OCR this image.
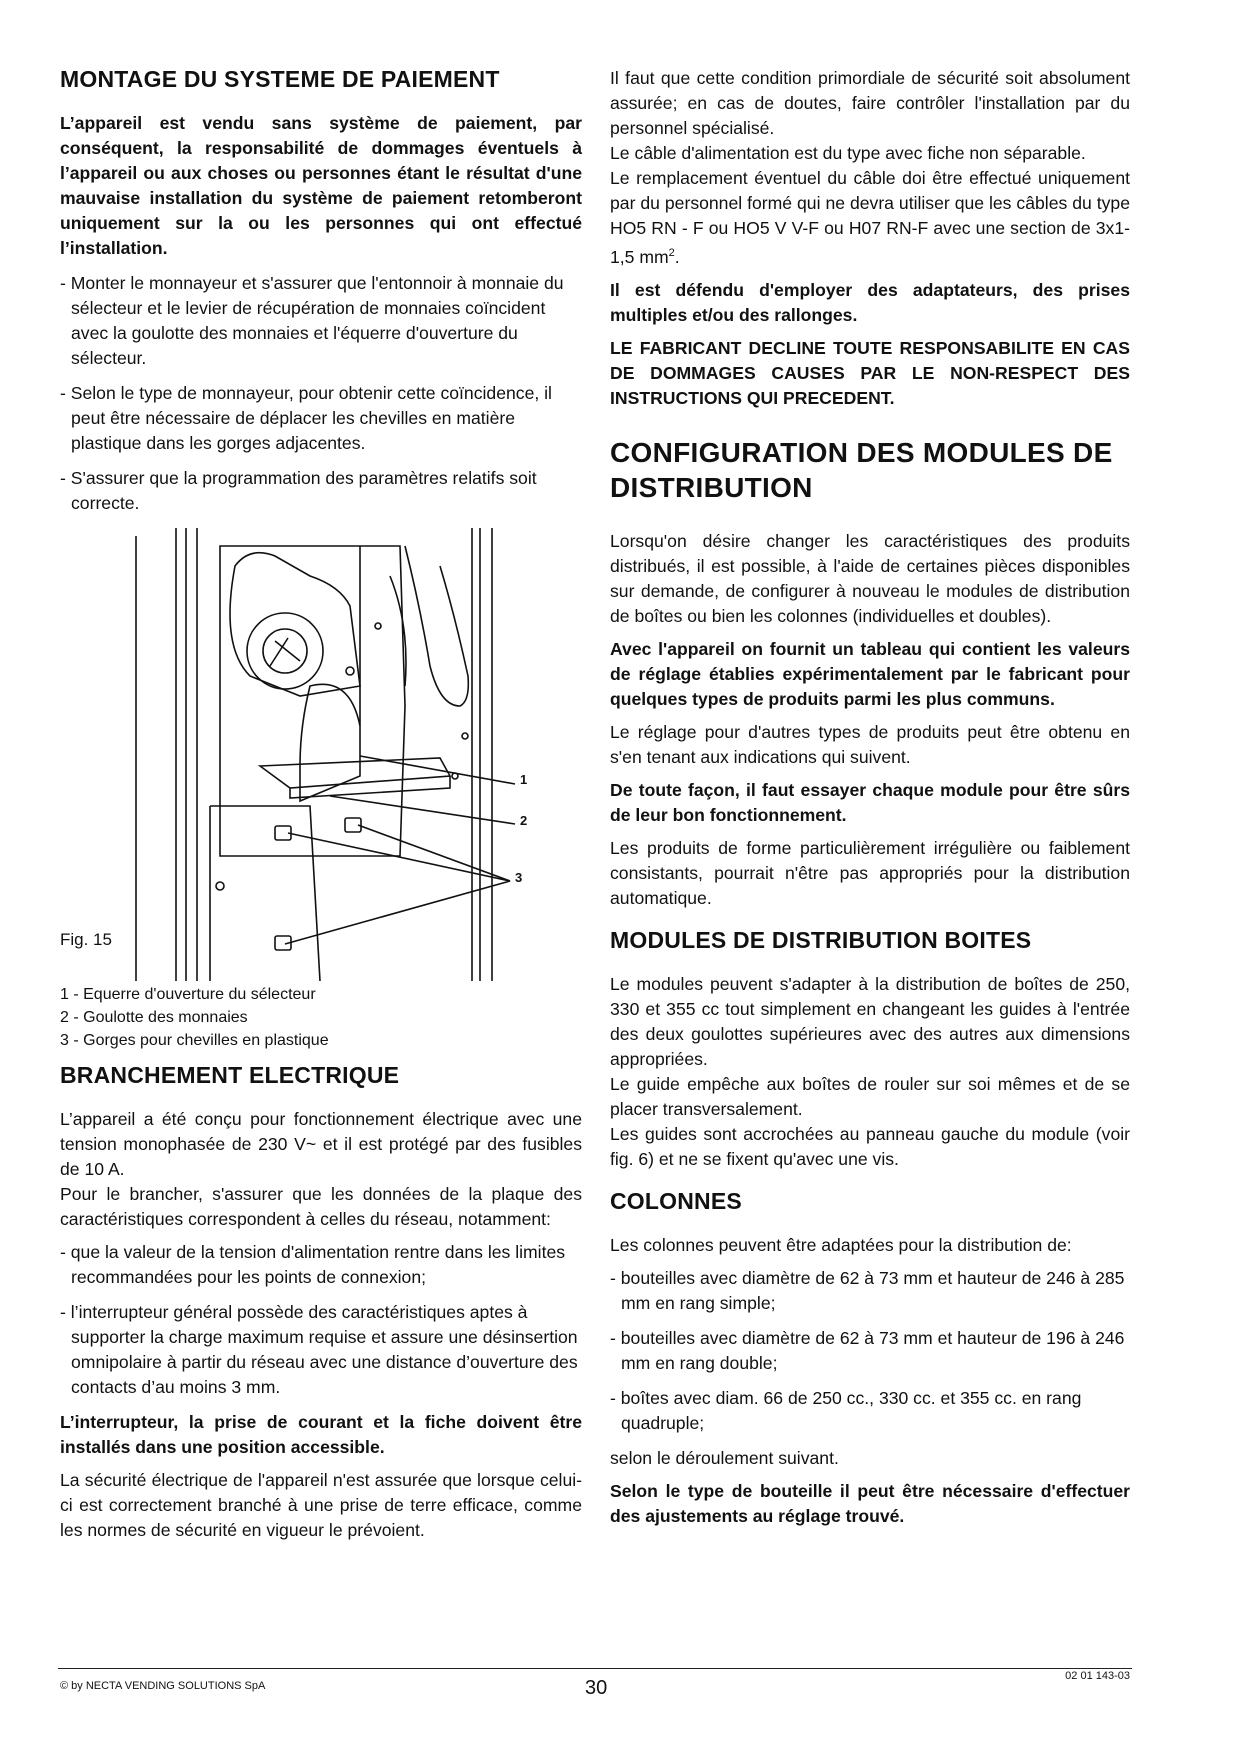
MONTAGE DU SYSTEME DE PAIEMENT

L’appareil est vendu sans système de paiement, par conséquent, la responsabilité de dommages éventuels à l’appareil ou aux choses ou personnes étant le résultat d'une mauvaise installation du système de paiement retomberont uniquement sur la ou les personnes qui ont effectué l’installation.

- Monter le monnayeur et s'assurer que l'entonnoir à monnaie du sélecteur et le levier de récupération de monnaies coïncident avec la goulotte des monnaies et l'équerre d'ouverture du sélecteur.
- Selon le type de monnayeur, pour obtenir cette coïncidence, il peut être nécessaire de déplacer les chevilles en matière plastique dans les gorges adjacentes.
- S'assurer que la programmation des paramètres relatifs soit correcte.
1
2
3
Fig. 15
1 - Equerre d'ouverture du sélecteur
2 - Goulotte des monnaies
3 - Gorges pour chevilles en plastique
BRANCHEMENT ELECTRIQUE

L’appareil a été conçu pour fonctionnement électrique avec une tension monophasée de 230 V~ et il est protégé par des fusibles de 10 A.

Pour le brancher, s'assurer que les données de la plaque des caractéristiques correspondent à celles du réseau, notamment:

- que la valeur de la tension d'alimentation rentre dans les limites recommandées pour les points de connexion;
- l’interrupteur général possède des caractéristiques aptes à supporter la charge maximum requise et assure une désinsertion omnipolaire à partir du réseau avec une distance d’ouverture des contacts d’au moins 3 mm.

L’interrupteur, la prise de courant et la fiche doivent être installés dans une position accessible.

La sécurité électrique de l'appareil n'est assurée que lorsque celui-ci est correctement branché à une prise de terre efficace, comme les normes de sécurité en vigueur le prévoient.

Il faut que cette condition primordiale de sécurité soit absolument assurée; en cas de doutes, faire contrôler l'installation par du personnel spécialisé.

Le câble d'alimentation est du type avec fiche non séparable.

Le remplacement éventuel du câble doi être effectué uniquement par du personnel formé qui ne devra utiliser que les câbles du type HO5 RN - F ou HO5 V V-F ou H07 RN-F avec une section de 3x1-1,5 $mm^2$.

Il est défendu d'employer des adaptateurs, des prises multiples et/ou des rallonges.

LE FABRICANT DECLINE TOUTE RESPONSABILITE EN CAS DE DOMMAGES CAUSES PAR LE NON-RESPECT DES INSTRUCTIONS QUI PRECEDENT.

CONFIGURATION DES MODULES DE DISTRIBUTION

Lorsqu'on désire changer les caractéristiques des produits distribués, il est possible, à l'aide de certaines pièces disponibles sur demande, de configurer à nouveau le modules de distribution de boîtes ou bien les colonnes (individuelles et doubles).

Avec l'appareil on fournit un tableau qui contient les valeurs de réglage établies expérimentalement par le fabricant pour quelques types de produits parmi les plus communs.

Le réglage pour d'autres types de produits peut être obtenu en s'en tenant aux indications qui suivent.

De toute façon, il faut essayer chaque module pour être sûrs de leur bon fonctionnement.

Les produits de forme particulièrement irrégulière ou faiblement consistants, pourrait n'être pas appropriés pour la distribution automatique.

MODULES DE DISTRIBUTION BOITES

Le modules peuvent s'adapter à la distribution de boîtes de 250, 330 et 355 cc tout simplement en changeant les guides à l'entrée des deux goulottes supérieures avec des autres aux dimensions appropriées.

Le guide empêche aux boîtes de rouler sur soi mêmes et de se placer transversalement.

Les guides sont accrochées au panneau gauche du module (voir fig. 6) et ne se fixent qu'avec une vis.

COLONNES

Les colonnes peuvent être adaptées pour la distribution de:

- bouteilles avec diamètre de 62 à 73 mm et hauteur de 246 à 285 mm en rang simple;
- bouteilles avec diamètre de 62 à 73 mm et hauteur de 196 à 246 mm en rang double;
- boîtes avec diam. 66 de 250 cc., 330 cc. et 355 cc. en rang quadruple;

selon le déroulement suivant.

Selon le type de bouteille il peut être nécessaire d'effectuer des ajustements au réglage trouvé.

© by NECTA VENDING SOLUTIONS SpA	30
02 01 143-03
